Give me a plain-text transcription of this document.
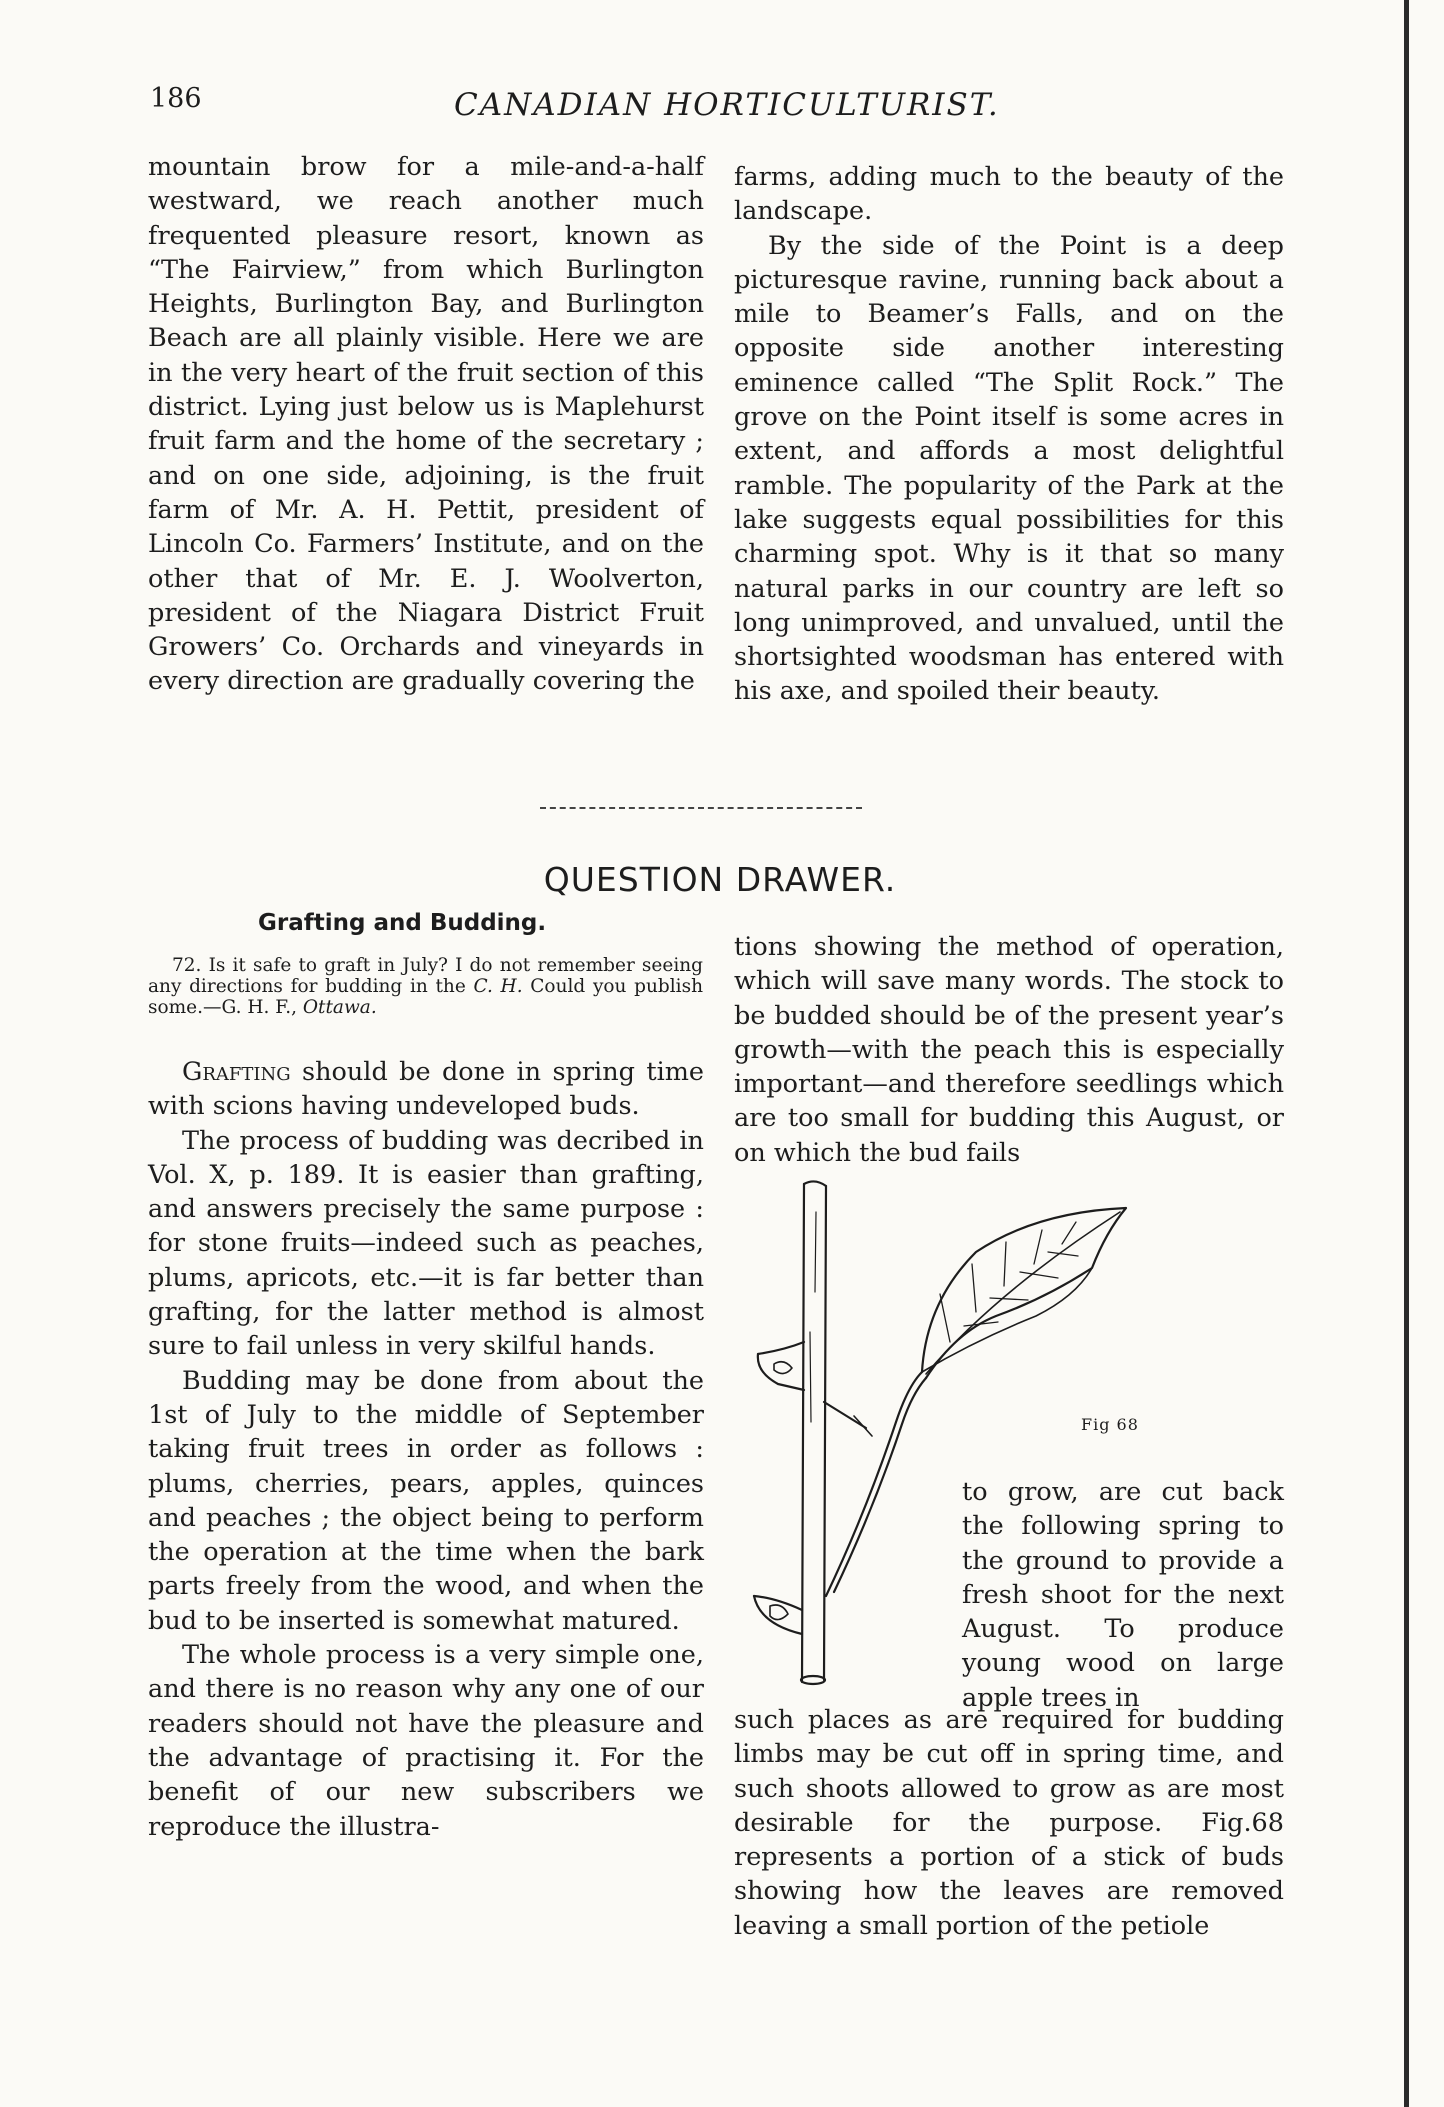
186	CANADIAN HORTICULTURIST.

mountain brow for a mile-and-a-half westward, we reach another much frequented pleasure resort, known as “The Fairview,” from which Burlington Heights, Burlington Bay, and Burlington Beach are all plainly visible. Here we are in the very heart of the fruit section of this district. Lying just below us is Maplehurst fruit farm and the home of the secretary ; and on one side, adjoining, is the fruit farm of Mr. A. H. Pettit, president of Lincoln Co. Farmers’ Institute, and on the other that of Mr. E. J. Woolverton, president of the Niagara District Fruit Growers’ Co. Orchards and vineyards in every direction are gradually covering the

farms, adding much to the beauty of the landscape.

By the side of the Point is a deep picturesque ravine, running back about a mile to Beamer’s Falls, and on the opposite side another interesting eminence called “The Split Rock.” The grove on the Point itself is some acres in extent, and affords a most delightful ramble. The popularity of the Park at the lake suggests equal possibilities for this charming spot. Why is it that so many natural parks in our country are left so long unimproved, and unvalued, until the shortsighted woodsman has entered with his axe, and spoiled their beauty.

QUESTION DRAWER.
Grafting and Budding.

72. Is it safe to graft in July? I do not remember seeing any directions for budding in the C. H. Could you publish some.—G. H. F., Ottawa.

Grafting should be done in spring time with scions having undeveloped buds.

The process of budding was decribed in Vol. X, p. 189. It is easier than grafting, and answers precisely the same purpose : for stone fruits—indeed such as peaches, plums, apricots, etc.—it is far better than grafting, for the latter method is almost sure to fail unless in very skilful hands.

Budding may be done from about the 1st of July to the middle of September taking fruit trees in order as follows : plums, cherries, pears, apples, quinces and peaches ; the object being to perform the operation at the time when the bark parts freely from the wood, and when the bud to be inserted is somewhat matured.

The whole process is a very simple one, and there is no reason why any one of our readers should not have the pleasure and the advantage of practising it. For the benefit of our new subscribers we reproduce the illustra-

tions showing the method of operation, which will save many words. The stock to be budded should be of the present year’s growth—with the peach this is especially important—and therefore seedlings which are too small for budding this August, or on which the bud fails

Fig 68

to grow, are cut back the following spring to the ground to provide a fresh shoot for the next August. To produce young wood on large apple trees in

such places as are required for budding limbs may be cut off in spring time, and such shoots allowed to grow as are most desirable for the purpose. Fig.68 represents a portion of a stick of buds showing how the leaves are removed leaving a small portion of the petiole
